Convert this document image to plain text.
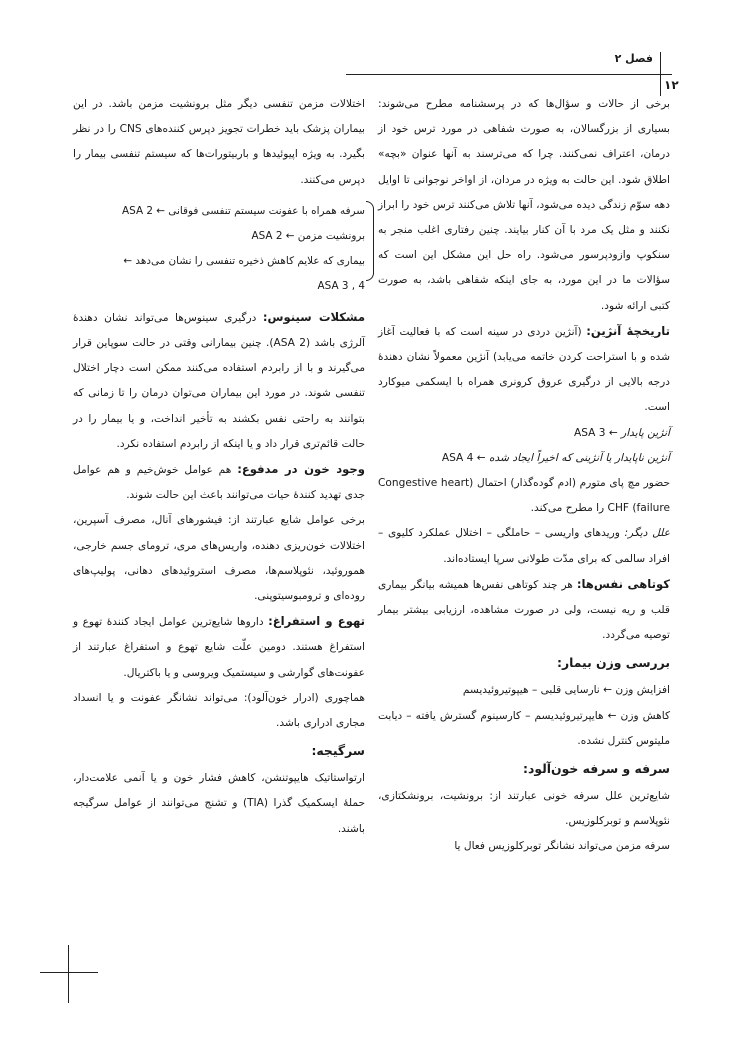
فصل ۲
۱۲

برخی از حالات و سؤال‌ها که در پرسشنامه مطرح می‌شوند: بسیاری از بزرگسالان، به صورت شفاهی در مورد ترس خود از درمان، اعتراف نمی‌کنند. چرا که می‌ترسند به آنها عنوان «بچه» اطلاق شود. این حالت به ویژه در مردان، از اواخر نوجوانی تا اوایل دهه سوّم زندگی دیده می‌شود، آنها تلاش می‌کنند ترس خود را ابراز نکنند و مثل یک مرد با آن کنار بیایند. چنین رفتاری اغلب منجر به سنکوپ وازودپرسور می‌شود. راه حل این مشکل این است که سؤالات ما در این مورد، به جای اینکه شفاهی باشد، به صورت کتبی ارائه شود.

تاریخچهٔ آنژین: (آنژین دردی در سینه است که با فعالیت آغاز شده و با استراحت کردن خاتمه می‌یابد) آنژین معمولاً نشان دهندهٔ درجه بالایی از درگیری عروق کرونری همراه با ایسکمی میوکارد است.

آنژین پایدار ← ASA 3

آنژین ناپایدار یا آنژینی که اخیراً ایجاد شده ← ASA 4

حضور مچ پای متورم (ادم گوده‌گذار) احتمال (Congestive heart failure) CHF را مطرح می‌کند.

علل دیگر: وریدهای واریسی – حاملگی – اختلال عملکرد کلیوی – افراد سالمی که برای مدّت طولانی سرپا ایستاده‌اند.

کوتاهی نفس‌ها: هر چند کوتاهی نفس‌ها همیشه بیانگر بیماری قلب و ریه نیست، ولی در صورت مشاهده، ارزیابی بیشتر بیمار توصیه می‌گردد.

بررسی وزن بیمار:

افزایش وزن ← نارسایی قلبی – هیپوتیروئیدیسم

کاهش وزن ← هایپرتیروئیدیسم – کارسینوم گسترش یافته – دیابت ملیتوس کنترل نشده.

سرفه و سرفه خون‌آلود:

شایع‌ترین علل سرفه خونی عبارتند از: برونشیت، برونشکتازی، نئوپلاسم و توبرکلوزیس.

سرفه مزمن می‌تواند نشانگر توبرکلوزیس فعال یا

اختلالات مزمن تنفسی دیگر مثل برونشیت مزمن باشد. در این بیماران پزشک باید خطرات تجویز دپرس کننده‌های CNS را در نظر بگیرد. به ویژه اپیوئیدها و باربیتورات‌ها که سیستم تنفسی بیمار را دپرس می‌کنند.

سرفه همراه با عفونت سیستم تنفسی فوقانی ← ASA 2
برونشیت مزمن ← ASA 2
بیماری که علایم کاهش ذخیره تنفسی را نشان می‌دهد ←
ASA 3 , 4

مشکلات سینوس: درگیری سینوس‌ها می‌تواند نشان دهندهٔ آلرژی باشد (ASA 2). چنین بیمارانی وقتی در حالت سوپاین قرار می‌گیرند و با از رابردم استفاده می‌کنند ممکن است دچار اختلال تنفسی شوند. در مورد این بیماران می‌توان درمان را تا زمانی که بتوانند به راحتی نفس بکشند به تأخیر انداخت، و یا بیمار را در حالت قائم‌تری قرار داد و یا اینکه از رابردم استفاده نکرد.

وجود خون در مدفوع: هم عوامل خوش‌خیم و هم عوامل جدی تهدید کنندهٔ حیات می‌توانند باعث این حالت شوند.

برخی عوامل شایع عبارتند از: فیشورهای آنال، مصرف آسپرین، اختلالات خون‌ریزی دهنده، واریس‌های مری، ترومای جسم خارجی، هموروئید، نئوپلاسم‌ها، مصرف استروئیدهای دهانی، پولیپ‌های روده‌ای و ترومبوسیتوپنی.

تهوع و استفراغ: داروها شایع‌ترین عوامل ایجاد کنندهٔ تهوع و استفراغ هستند. دومین علّت شایع تهوع و استفراغ عبارتند از عفونت‌های گوارشی و سیستمیک ویروسی و یا باکتریال.

هماچوری (ادرار خون‌آلود): می‌تواند نشانگر عفونت و یا انسداد مجاری ادراری باشد.

سرگیجه:

ارتواستاتیک هایپوتنشن، کاهش فشار خون و یا آنمی علامت‌دار، حملهٔ ایسکمیک گذرا (TIA) و تشنج می‌توانند از عوامل سرگیجه باشند.
